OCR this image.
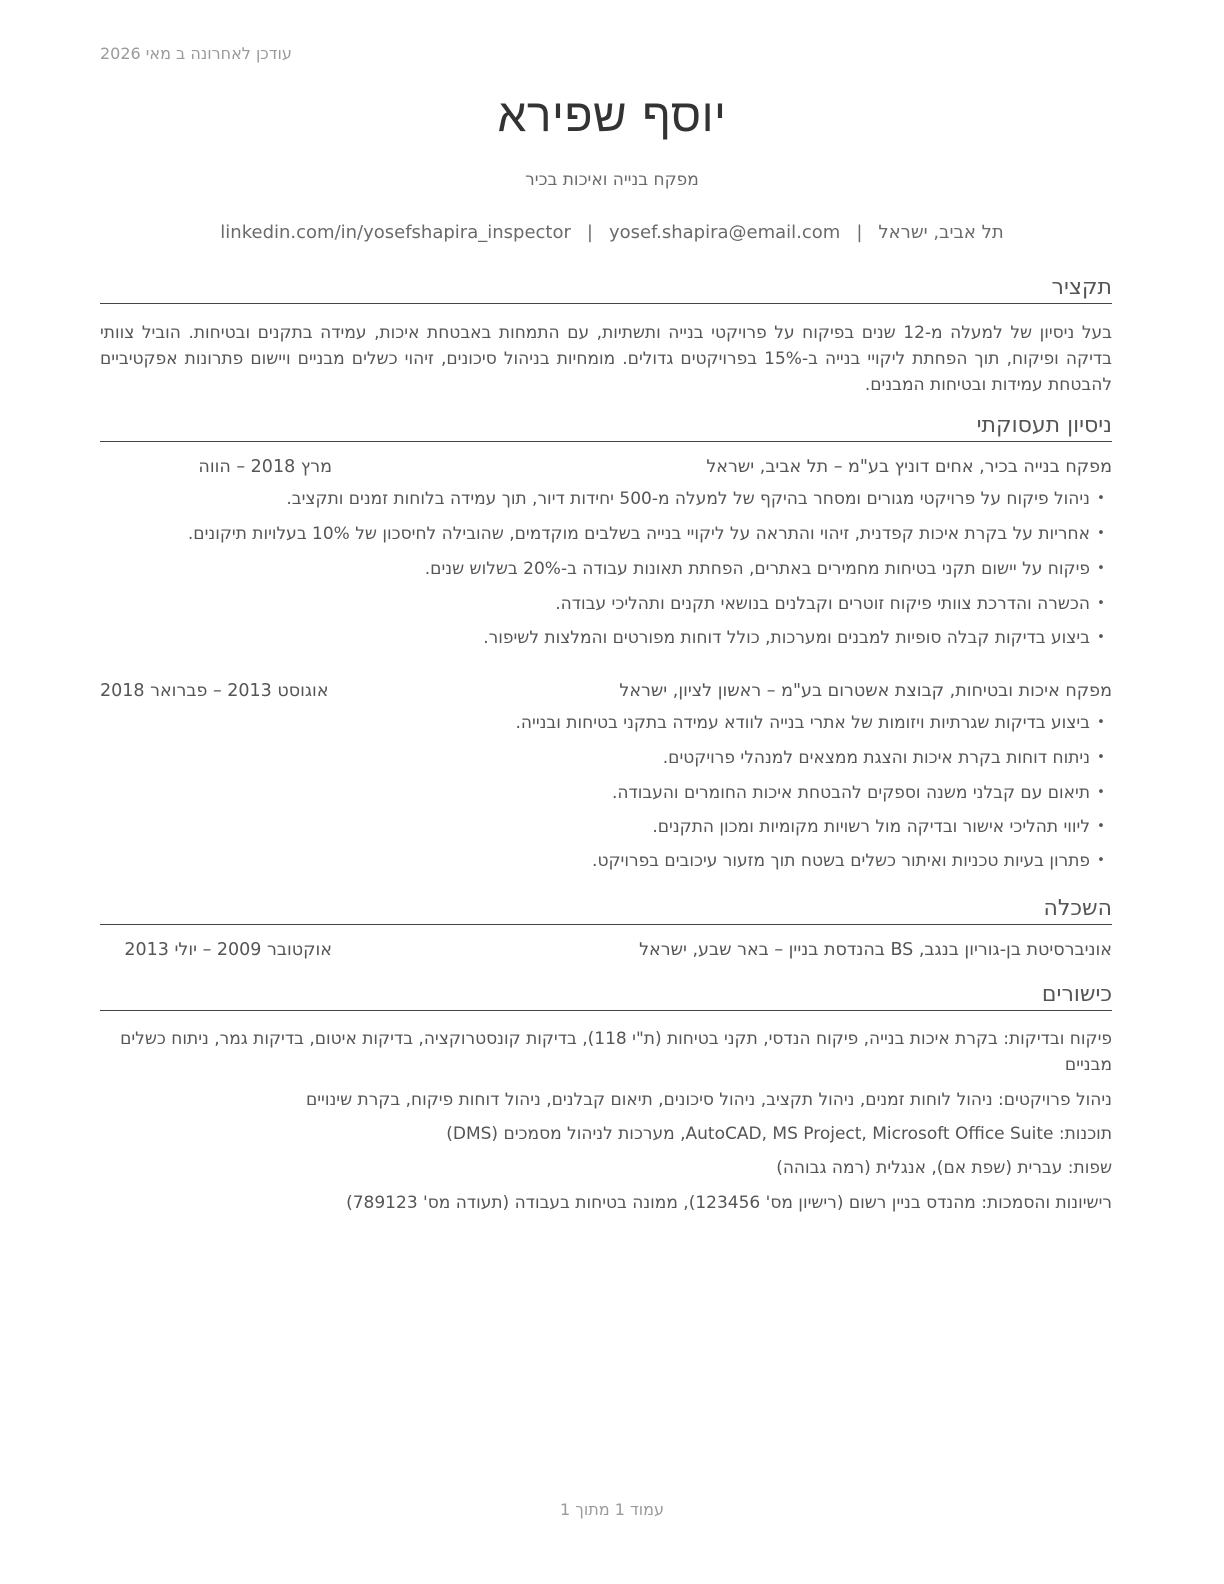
עודכן לאחרונה ב מאי 2026
יוסף שפירא
מפקח בנייה ואיכות בכיר
linkedin.com/in/yosefshapira_inspector | yosef.shapira@email.com | תל אביב, ישראל
תקציר
בעל ניסיון של למעלה מ-12 שנים בפיקוח על פרויקטי בנייה ותשתיות, עם התמחות באבטחת איכות, עמידה בתקנים ובטיחות. הוביל צוותי בדיקה ופיקוח, תוך הפחתת ליקויי בנייה ב-15% בפרויקטים גדולים. מומחיות בניהול סיכונים, זיהוי כשלים מבניים ויישום פתרונות אפקטיביים להבטחת עמידות ובטיחות המבנים.
ניסיון תעסוקתי
מפקח בנייה בכיר, אחים דוניץ בע"מ – תל אביב, ישראל
מרץ 2018 – הווה
•ניהול פיקוח על פרויקטי מגורים ומסחר בהיקף של למעלה מ-500 יחידות דיור, תוך עמידה בלוחות זמנים ותקציב.
•אחריות על בקרת איכות קפדנית, זיהוי והתראה על ליקויי בנייה בשלבים מוקדמים, שהובילה לחיסכון של 10% בעלויות תיקונים.
•פיקוח על יישום תקני בטיחות מחמירים באתרים, הפחתת תאונות עבודה ב-20% בשלוש שנים.
•הכשרה והדרכת צוותי פיקוח זוטרים וקבלנים בנושאי תקנים ותהליכי עבודה.
•ביצוע בדיקות קבלה סופיות למבנים ומערכות, כולל דוחות מפורטים והמלצות לשיפור.
מפקח איכות ובטיחות, קבוצת אשטרום בע"מ – ראשון לציון, ישראל
אוגוסט 2013 – פברואר 2018
•ביצוע בדיקות שגרתיות ויזומות של אתרי בנייה לוודא עמידה בתקני בטיחות ובנייה.
•ניתוח דוחות בקרת איכות והצגת ממצאים למנהלי פרויקטים.
•תיאום עם קבלני משנה וספקים להבטחת איכות החומרים והעבודה.
•ליווי תהליכי אישור ובדיקה מול רשויות מקומיות ומכון התקנים.
•פתרון בעיות טכניות ואיתור כשלים בשטח תוך מזעור עיכובים בפרויקט.
השכלה
אוניברסיטת בן-גוריון בנגב, BS בהנדסת בניין – באר שבע, ישראל
אוקטובר 2009 – יולי 2013
כישורים
פיקוח ובדיקות: בקרת איכות בנייה, פיקוח הנדסי, תקני בטיחות (ת"י 118), בדיקות קונסטרוקציה, בדיקות איטום, בדיקות גמר, ניתוח כשלים מבניים
ניהול פרויקטים: ניהול לוחות זמנים, ניהול תקציב, ניהול סיכונים, תיאום קבלנים, ניהול דוחות פיקוח, בקרת שינויים
תוכנות: AutoCAD, MS Project, Microsoft Office Suite, מערכות לניהול מסמכים (DMS)
שפות: עברית (שפת אם), אנגלית (רמה גבוהה)
רישיונות והסמכות: מהנדס בניין רשום (רישיון מס' 123456), ממונה בטיחות בעבודה (תעודה מס' 789123)
עמוד 1 מתוך 1
